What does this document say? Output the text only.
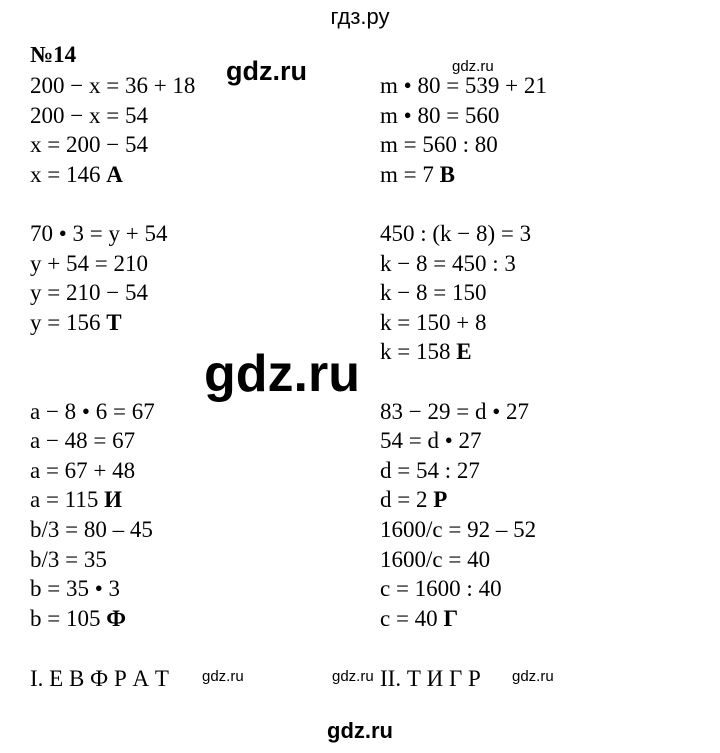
гдз.ру
№14
200 − x = 36 + 18
200 − x = 54
x = 200 − 54
x = 146 А
70 • 3 = y + 54
y + 54 = 210
y = 210 − 54
y = 156 Т
a − 8 • 6 = 67
a − 48 = 67
a = 67 + 48
a = 115 И
b/3 = 80 – 45
b/3 = 35
b = 35 • 3
b = 105 Ф
m • 80 = 539 + 21
m • 80 = 560
m = 560 : 80
m = 7 В
450 : (k − 8) = 3
k − 8 = 450 : 3
k − 8 = 150
k = 150 + 8
k = 158 Е
83 − 29 = d • 27
54 = d • 27
d = 54 : 27
d = 2 Р
1600/c = 92 – 52
1600/c = 40
c = 1600 : 40
c = 40 Г
gdz.ru	gdz.ru
gdz.ru
I. Е В Ф Р А Т gdz.ru	gdz.ru II. Т И Г Р gdz.ru
gdz.ru
